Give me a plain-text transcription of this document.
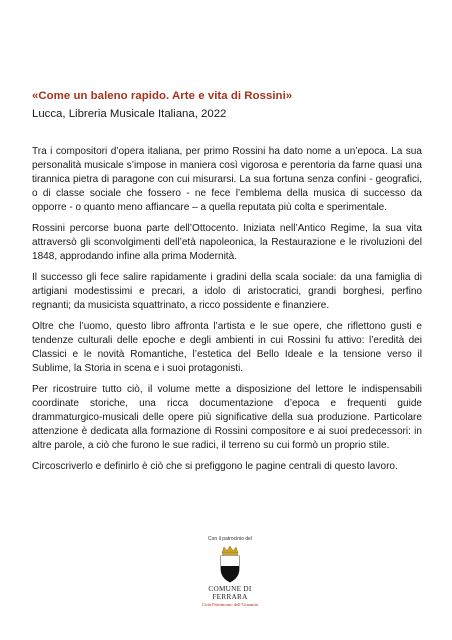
«Come un baleno rapido. Arte e vita di Rossini»
Lucca, Libreria Musicale Italiana, 2022

Tra i compositori d’opera italiana, per primo Rossini ha dato nome a un’epoca. La sua personalità musicale s’impose in maniera così vigorosa e perentoria da farne quasi una tirannica pietra di paragone con cui misurarsi. La sua fortuna senza confini - geografici, o di classe sociale che fossero - ne fece l’emblema della musica di successo da opporre - o quanto meno affiancare – a quella reputata più colta e sperimentale.

Rossini percorse buona parte dell’Ottocento. Iniziata nell’Antico Regime, la sua vita attraversò gli sconvolgimenti dell’età napoleonica, la Restaurazione e le rivoluzioni del 1848, approdando infine alla prima Modernità.

Il successo gli fece salire rapidamente i gradini della scala sociale: da una famiglia di artigiani modestissimi e precari, a idolo di aristocratici, grandi borghesi, perfino regnanti; da musicista squattrinato, a ricco possidente e finanziere.

Oltre che l’uomo, questo libro affronta l’artista e le sue opere, che riflettono gusti e tendenze culturali delle epoche e degli ambienti in cui Rossini fu attivo: l’eredità dei Classici e le novità Romantiche, l’estetica del Bello Ideale e la tensione verso il Sublime, la Storia in scena e i suoi protagonisti.

Per ricostruire tutto ciò, il volume mette a disposizione del lettore le indispensabili coordinate storiche, una ricca documentazione d’epoca e frequenti guide drammaturgico-musicali delle opere più significative della sua produzione. Particolare attenzione è dedicata alla formazione di Rossini compositore e ai suoi predecessori: in altre parole, a ciò che furono le sue radici, il terreno su cui formò un proprio stile.

Circoscriverlo e definirlo è ciò che si prefiggono le pagine centrali di questo lavoro.

Con il patrocinio del
COMUNE DI FERRARA
Città Patrimonio dell’Umanità
